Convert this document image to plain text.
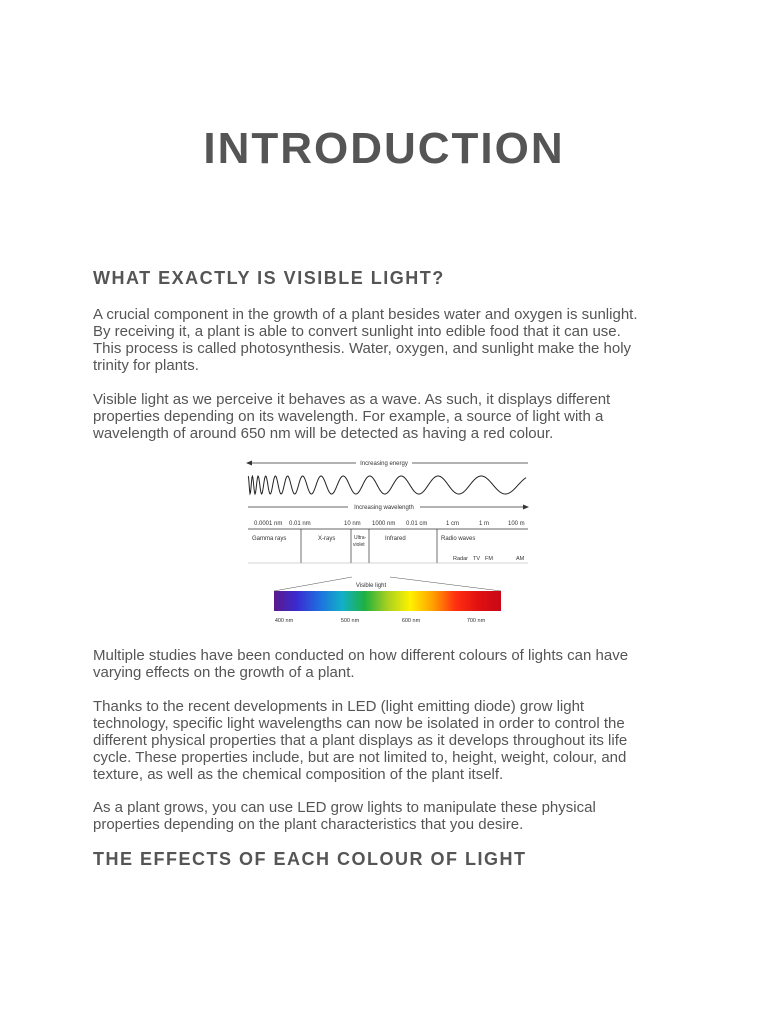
INTRODUCTION
WHAT EXACTLY IS VISIBLE LIGHT?
A crucial component in the growth of a plant besides water and oxygen is sunlight.
By receiving it, a plant is able to convert sunlight into edible food that it can use.
This process is called photosynthesis. Water, oxygen, and sunlight make the holy
trinity for plants.
Visible light as we perceive it behaves as a wave. As such, it displays different
properties depending on its wavelength. For example, a source of light with a
wavelength of around 650 nm will be detected as having a red colour.
Increasing energy
Increasing wavelength
0.0001 nm 0.01 nm	10 nm 1000 nm 0.01 cm	1 cm	1 m	100 m
Gamma rays	X-rays	Ultra-
violet
Infrared	Radio waves
Radar TV FM	AM
Visible light
400 nm	500 nm	600 nm	700 nm
Multiple studies have been conducted on how different colours of lights can have
varying effects on the growth of a plant.
Thanks to the recent developments in LED (light emitting diode) grow light
technology, specific light wavelengths can now be isolated in order to control the
different physical properties that a plant displays as it develops throughout its life
cycle. These properties include, but are not limited to, height, weight, colour, and
texture, as well as the chemical composition of the plant itself.
As a plant grows, you can use LED grow lights to manipulate these physical
properties depending on the plant characteristics that you desire.
THE EFFECTS OF EACH COLOUR OF LIGHT
